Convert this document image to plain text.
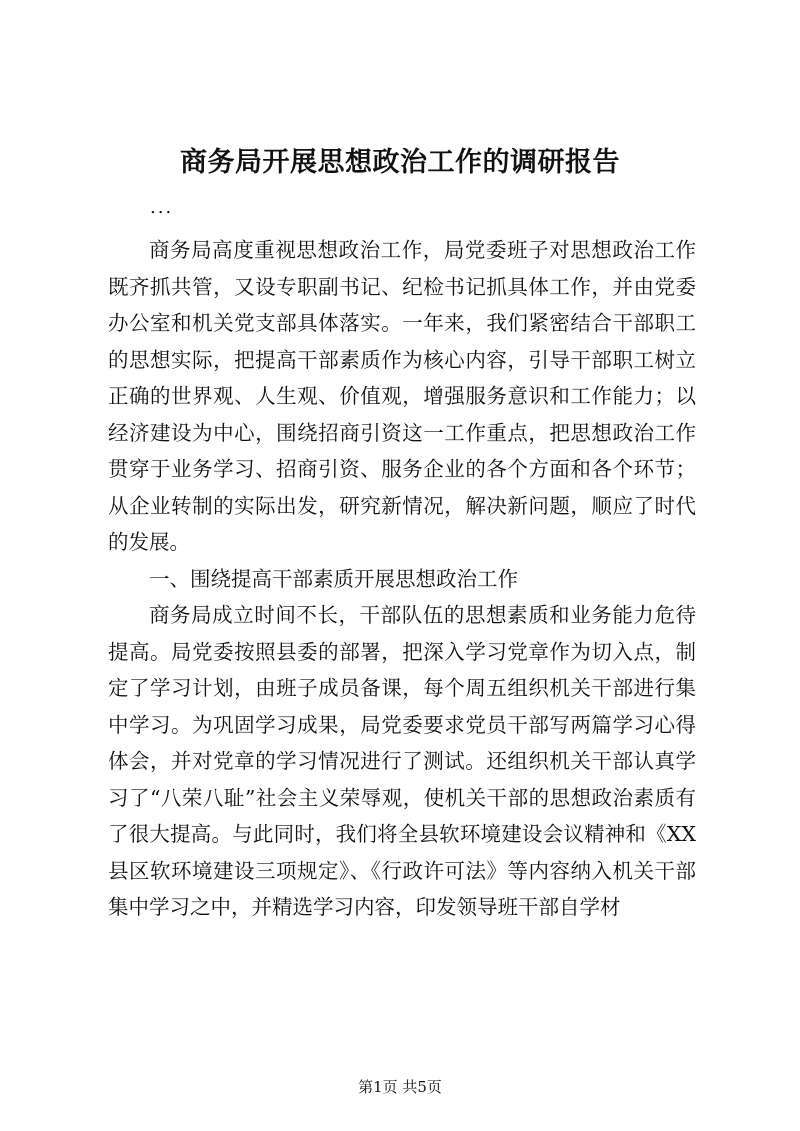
商务局开展思想政治工作的调研报告
...

商务局高度重视思想政治工作，局党委班子对思想政治工作既齐抓共管，又设专职副书记、纪检书记抓具体工作，并由党委办公室和机关党支部具体落实。一年来，我们紧密结合干部职工的思想实际，把提高干部素质作为核心内容，引导干部职工树立正确的世界观、人生观、价值观，增强服务意识和工作能力；以经济建设为中心，围绕招商引资这一工作重点，把思想政治工作贯穿于业务学习、招商引资、服务企业的各个方面和各个环节；从企业转制的实际出发，研究新情况，解决新问题，顺应了时代的发展。

一、围绕提高干部素质开展思想政治工作

商务局成立时间不长，干部队伍的思想素质和业务能力危待提高。局党委按照县委的部署，把深入学习党章作为切入点，制定了学习计划，由班子成员备课，每个周五组织机关干部进行集中学习。为巩固学习成果，局党委要求党员干部写两篇学习心得体会，并对党章的学习情况进行了测试。还组织机关干部认真学习了“八荣八耻”社会主义荣辱观，使机关干部的思想政治素质有了很大提高。与此同时，我们将全县软环境建设会议精神和《XX县区软环境建设三项规定》、《行政许可法》等内容纳入机关干部集中学习之中，并精选学习内容，印发领导班干部自学材

第1页 共5页
